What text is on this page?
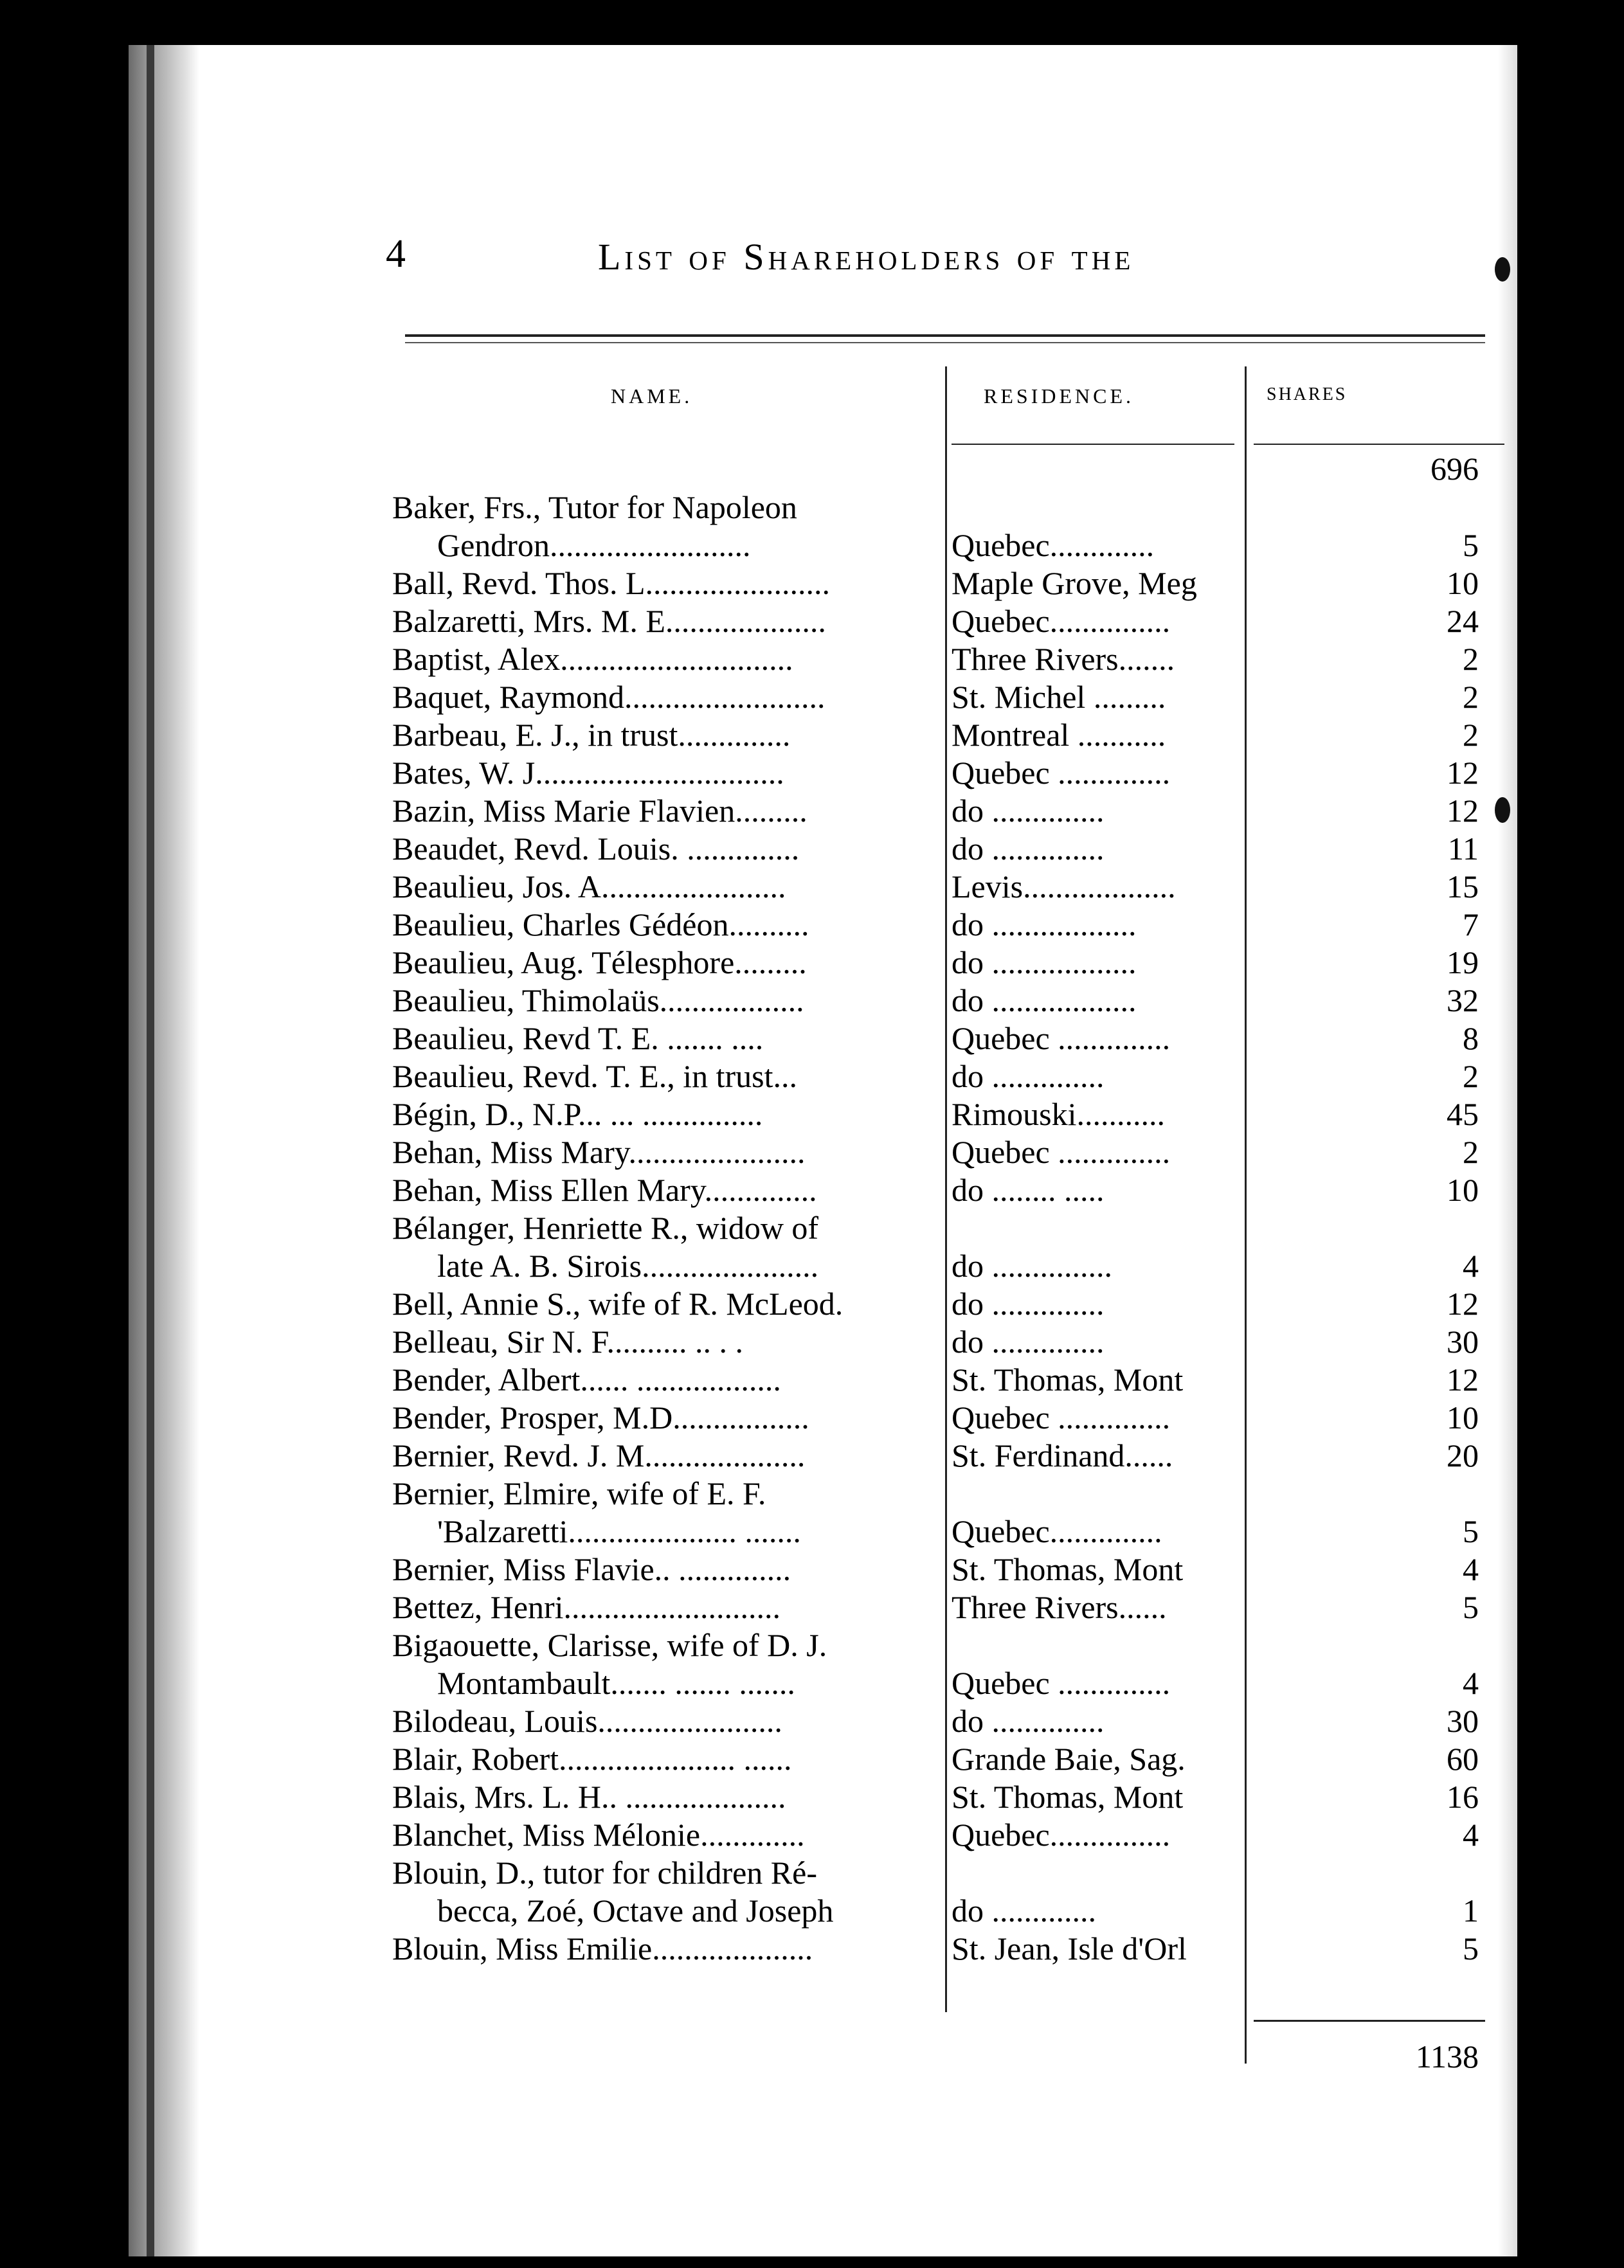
4	List of Shareholders of the
NAME.	RESIDENCE.	SHARES
696
Baker, Frs., Tutor for Napoleon
Gendron.........................	Quebec.............	5
Ball, Revd. Thos. L.......................	Maple Grove, Meg	10
Balzaretti, Mrs. M. E....................	Quebec...............	24
Baptist, Alex.............................	Three Rivers.......	2
Baquet, Raymond.........................	St. Michel .........	2
Barbeau, E. J., in trust..............	Montreal ...........	2
Bates, W. J...............................	Quebec ..............	12
Bazin, Miss Marie Flavien.........	do ..............	12
Beaudet, Revd. Louis. ..............	do ..............	11
Beaulieu, Jos. A.......................	Levis...................	15
Beaulieu, Charles Gédéon..........	do ..................	7
Beaulieu, Aug. Télesphore.........	do ..................	19
Beaulieu, Thimolaüs..................	do ..................	32
Beaulieu, Revd T. E. ....... ....	Quebec ..............	8
Beaulieu, Revd. T. E., in trust...	do ..............	2
Bégin, D., N.P... ... ...............	Rimouski...........	45
Behan, Miss Mary......................	Quebec ..............	2
Behan, Miss Ellen Mary..............	do ........ .....	10
Bélanger, Henriette R., widow of
late A. B. Sirois......................	do ...............	4
Bell, Annie S., wife of R. McLeod.	do ..............	12
Belleau, Sir N. F.......... .. . .	do ..............	30
Bender, Albert...... ..................	St. Thomas, Mont	12
Bender, Prosper, M.D.................	Quebec ..............	10
Bernier, Revd. J. M....................	St. Ferdinand......	20
Bernier, Elmire, wife of E. F.
'Balzaretti..................... .......	Quebec..............	5
Bernier, Miss Flavie.. ..............	St. Thomas, Mont	4
Bettez, Henri...........................	Three Rivers......	5
Bigaouette, Clarisse, wife of D. J.
Montambault....... ....... .......	Quebec ..............	4
Bilodeau, Louis.......................	do ..............	30
Blair, Robert...................... ......	Grande Baie, Sag.	60
Blais, Mrs. L. H.. ....................	St. Thomas, Mont	16
Blanchet, Miss Mélonie.............	Quebec...............	4
Blouin, D., tutor for children Ré-
becca, Zoé, Octave and Joseph	do .............	1
Blouin, Miss Emilie....................	St. Jean, Isle d'Orl	5
1138
